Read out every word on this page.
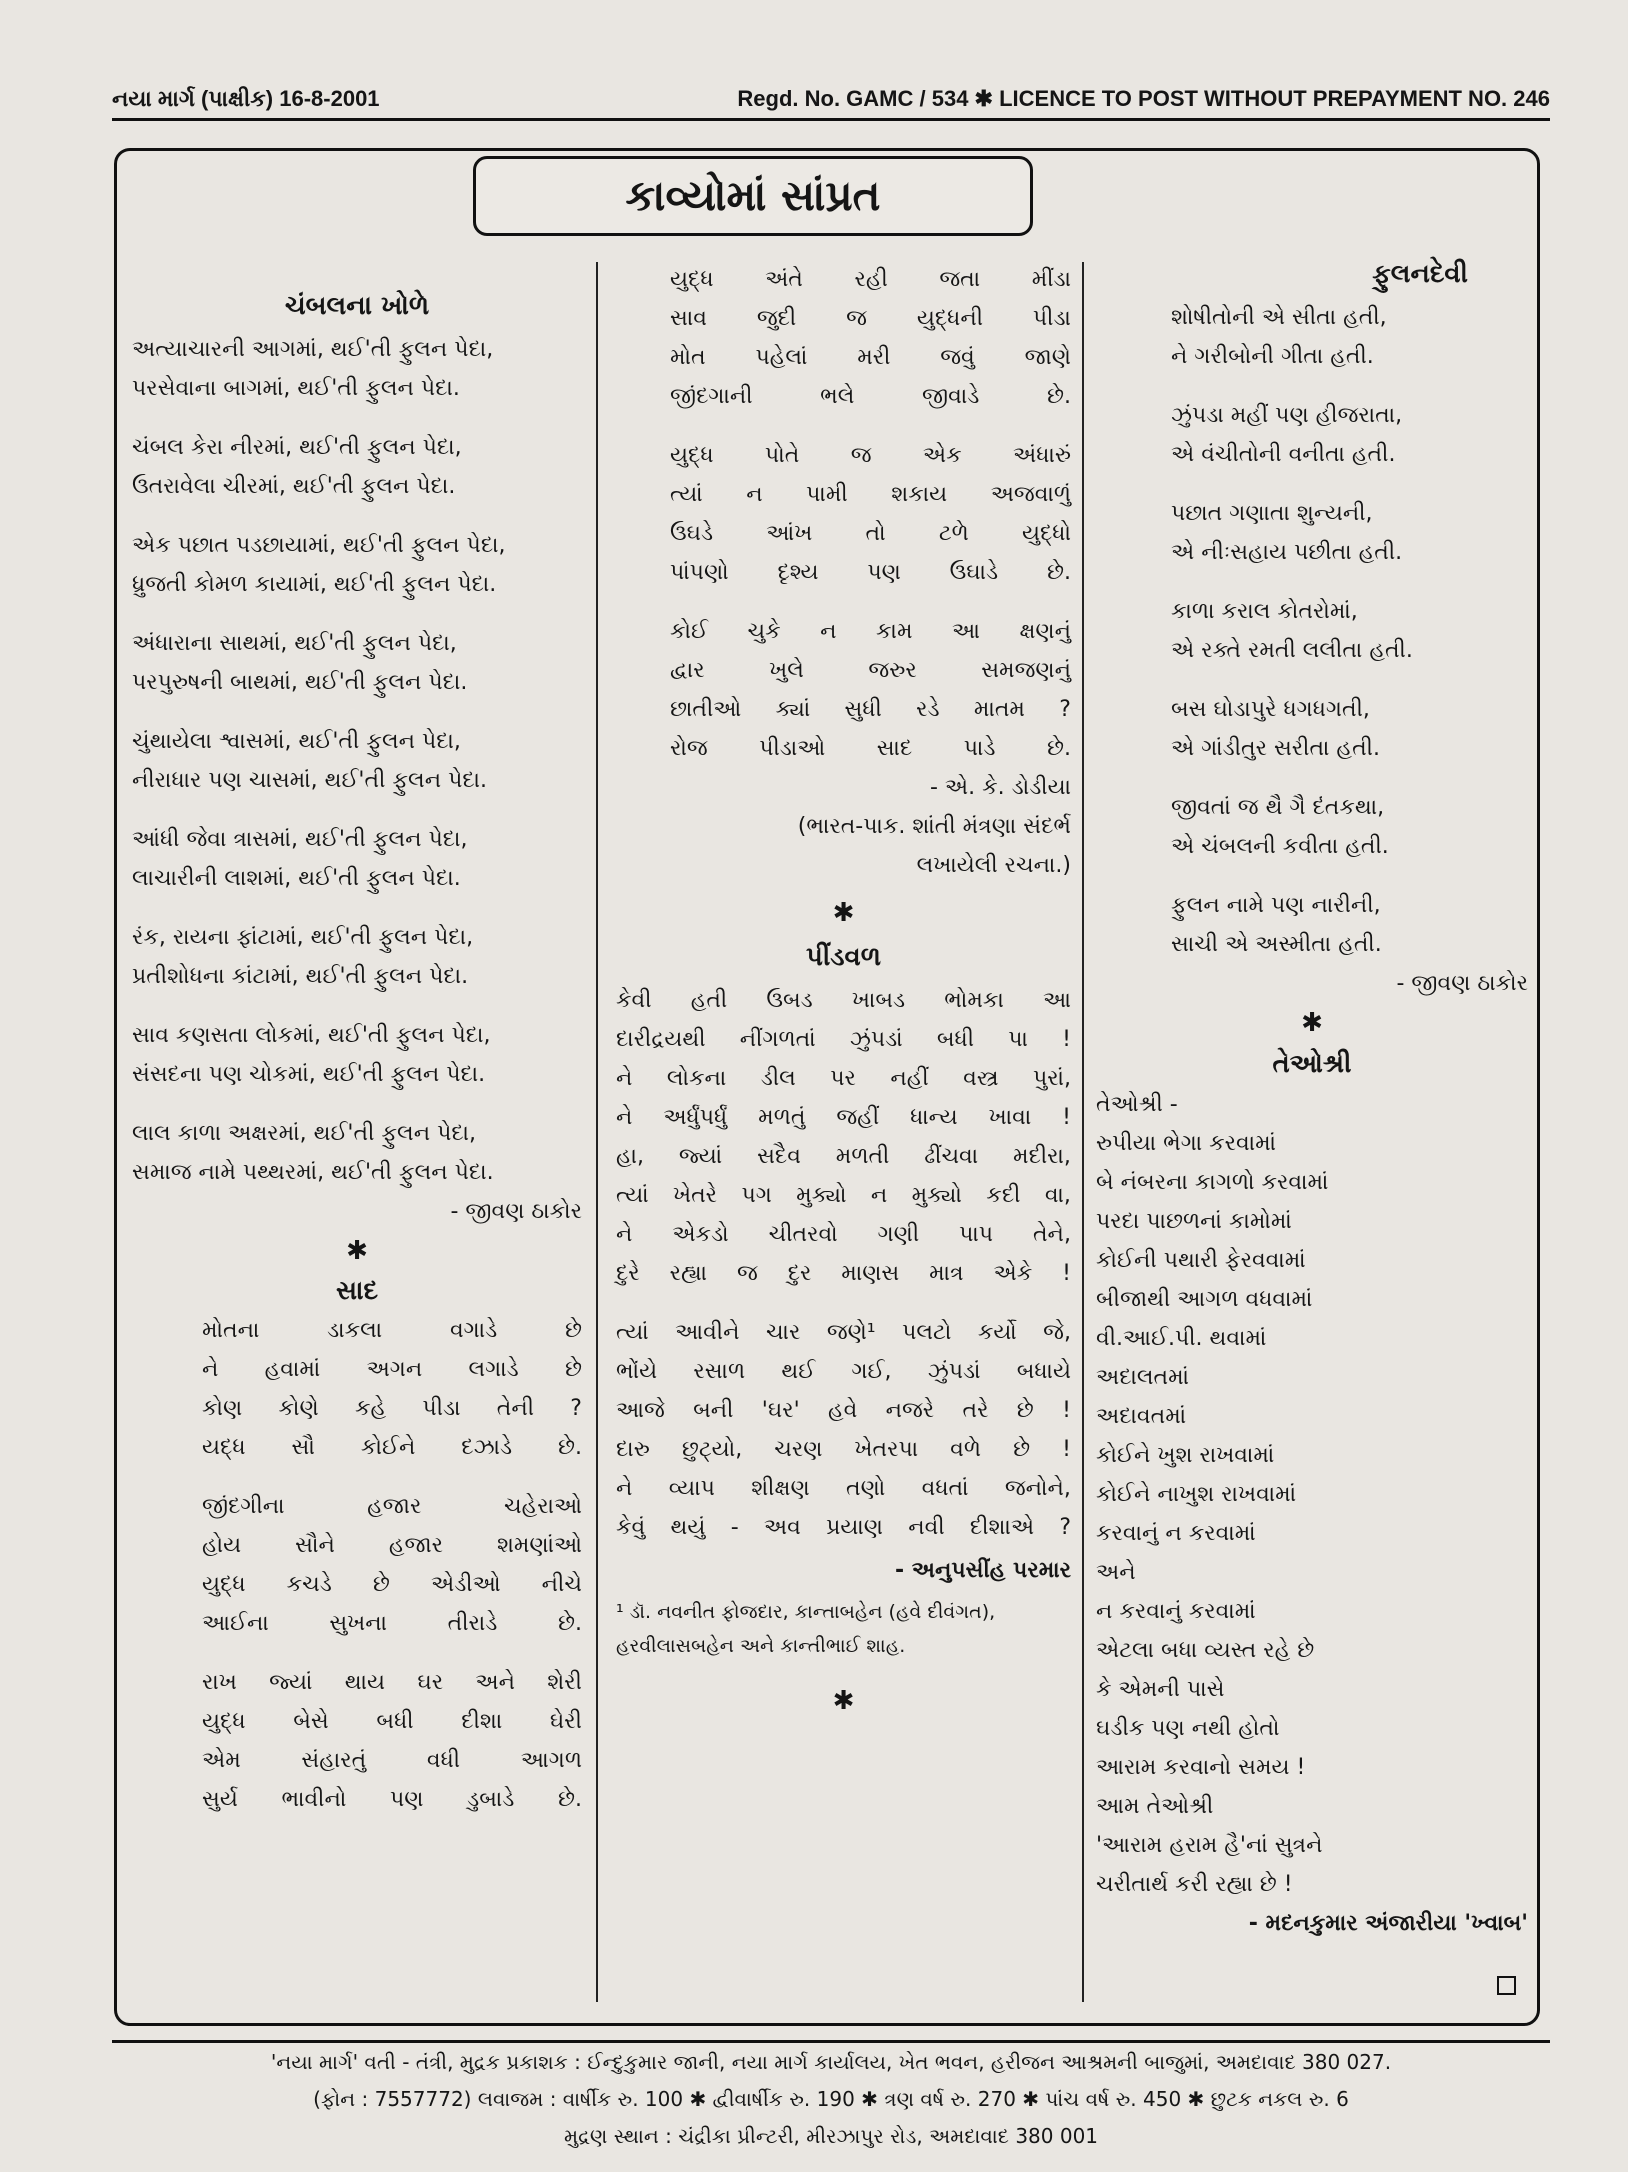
નયા માર્ગ (પાક્ષીક) 16-8-2001	Regd. No. GAMC / 534 ✱ LICENCE TO POST WITHOUT PREPAYMENT NO. 246
કાવ્યોમાં સાંપ્રત
ચંબલના ખોળે
અત્યાચારની આગમાં, થઈ'તી ફુલન પેદા,
પરસેવાના બાગમાં, થઈ'તી ફુલન પેદા.
ચંબલ કેરા નીરમાં, થઈ'તી ફુલન પેદા,
ઉતરાવેલા ચીરમાં, થઈ'તી ફુલન પેદા.
એક પછાત પડછાયામાં, થઈ'તી ફુલન પેદા,
ધ્રુજતી કોમળ કાયામાં, થઈ'તી ફુલન પેદા.
અંધારાના સાથમાં, થઈ'તી ફુલન પેદા,
પરપુરુષની બાથમાં, થઈ'તી ફુલન પેદા.
ચુંથાયેલા શ્વાસમાં, થઈ'તી ફુલન પેદા,
નીરાધાર પણ ચાસમાં, થઈ'તી ફુલન પેદા.
આંધી જેવા ત્રાસમાં, થઈ'તી ફુલન પેદા,
લાચારીની લાશમાં, થઈ'તી ફુલન પેદા.
રંક, રાયના ફાંટામાં, થઈ'તી ફુલન પેદા,
પ્રતીશોધના કાંટામાં, થઈ'તી ફુલન પેદા.
સાવ કણસતા લોકમાં, થઈ'તી ફુલન પેદા,
સંસદના પણ ચોકમાં, થઈ'તી ફુલન પેદા.
લાલ કાળા અક્ષરમાં, થઈ'તી ફુલન પેદા,
સમાજ નામે પથ્થરમાં, થઈ'તી ફુલન પેદા.
- જીવણ ઠાકોર
✱
સાદ
મોતના	ડાકલા	વગાડે	છે
ને હવામાં અગન લગાડે છે
કોણ કોણે કહે પીડા તેની ?
યદ્ધ સૌ કોઈને દઝાડે છે.
જીંદગીના	હજાર	ચહેરાઓ
હોય સૌને હજાર શમણાંઓ
યુદ્ધ કચડે છે એડીઓ નીચે
આઈના	સુખના	તીરાડે	છે.
રાખ જ્યાં થાય ઘર અને શેરી
યુદ્ધ બેસે બધી દીશા ઘેરી
એમ	સંહારતું	વધી	આગળ
સુર્ય ભાવીનો પણ ડુબાડે છે.
યુદ્ધ અંતે રહી જતા મીંડા
સાવ જુદી જ યુદ્ધની પીડા
મોત પહેલાં મરી જવું જાણે
જીંદગાની	ભલે	જીવાડે	છે.
યુદ્ધ પોતે જ એક અંધારું
ત્યાં ન પામી શકાય અજવાળું
ઉઘડે આંખ તો ટળે યુદ્ધો
પાંપણો દૃશ્ય પણ ઉઘાડે છે.
કોઈ ચુકે ન કામ આ ક્ષણનું
દ્વાર	ખુલે	જરુર	સમજણનું
છાતીઓ ક્યાં સુધી રડે માતમ ?
રોજ પીડાઓ સાદ પાડે છે.
- એ. કે. ડોડીયા
(ભારત-પાક. શાંતી મંત્રણા સંદર્ભ
લખાયેલી રચના.)
✱
પીંડવળ
કેવી હતી ઉબડ ખાબડ ભોમકા આ
દારીદ્રયથી નીંગળતાં ઝુંપડાં બધી પા !
ને લોકના ડીલ પર નહીં વસ્ત્ર પુરાં,
ને અર્ધુંપર્ધું મળતું જહીં ધાન્ય ખાવા !
હા, જ્યાં સદૈવ મળતી ઢીંચવા મદીરા,
ત્યાં ખેતરે પગ મુક્યો ન મુક્યો કદી વા,
ને એકડો ચીતરવો ગણી પાપ તેને,
દુરે રહ્યા જ દુર માણસ માત્ર એકે !
ત્યાં આવીને ચાર જણે¹ પલટો કર્યો જે,
ભોંયે રસાળ થઈ ગઈ, ઝુંપડાં બધાયે
આજે બની 'ઘર' હવે નજરે તરે છે !
દારુ છુટ્યો, ચરણ ખેતરપા વળે છે !
ને વ્યાપ શીક્ષણ તણો વધતાં જનોને,
કેવું થયું - અવ પ્રયાણ નવી દીશાએ ?
- અનુપસીંહ પરમાર
¹ ડૉ. નવનીત ફોજદાર, કાન્તાબહેન (હવે દીવંગત), હરવીલાસબહેન અને કાન્તીભાઈ શાહ.
✱
ફુલનદેવી
શોષીતોની એ સીતા હતી,
ને ગરીબોની ગીતા હતી.
ઝુંપડા મહીં પણ હીજરાતા,
એ વંચીતોની વનીતા હતી.
પછાત ગણાતા શુન્યની,
એ નીઃસહાય પછીતા હતી.
કાળા કરાલ કોતરોમાં,
એ રક્તે રમતી લલીતા હતી.
બસ ઘોડાપુરે ધગધગતી,
એ ગાંડીતુર સરીતા હતી.
જીવતાં જ થૈ ગૈ દંતકથા,
એ ચંબલની કવીતા હતી.
ફુલન નામે પણ નારીની,
સાચી એ અસ્મીતા હતી.
- જીવણ ઠાકોર
✱
તેઓશ્રી
તેઓશ્રી -
રુપીયા ભેગા કરવામાં
બે નંબરના કાગળો કરવામાં
પરદા પાછળનાં કામોમાં
કોઈની પથારી ફેરવવામાં
બીજાથી આગળ વધવામાં
વી.આઈ.પી. થવામાં
અદાલતમાં
અદાવતમાં
કોઈને ખુશ રાખવામાં
કોઈને નાખુશ રાખવામાં
કરવાનું ન કરવામાં
અને
ન કરવાનું કરવામાં
એટલા બધા વ્યસ્ત રહે છે
કે એમની પાસે
ઘડીક પણ નથી હોતો
આરામ કરવાનો સમય !
આમ તેઓશ્રી
'આરામ હરામ હૈ'નાં સુત્રને
ચરીતાર્થ કરી રહ્યા છે !
- મદનકુમાર અંજારીયા 'ખ્વાબ'
'નયા માર્ગ' વતી - તંત્રી, મુદ્રક પ્રકાશક : ઈન્દુકુમાર જાની, નયા માર્ગ કાર્યાલય, ખેત ભવન, હરીજન આશ્રમની બાજુમાં, અમદાવાદ 380 027.
(ફોન : 7557772) લવાજમ : વાર્ષીક રુ. 100 ✱ દ્વીવાર્ષીક રુ. 190 ✱ ત્રણ વર્ષ રુ. 270 ✱ પાંચ વર્ષ રુ. 450 ✱ છુટક નકલ રુ. 6
મુદ્રણ સ્થાન : ચંદ્રીકા પ્રીન્ટરી, મીરઝાપુર રોડ, અમદાવાદ 380 001
